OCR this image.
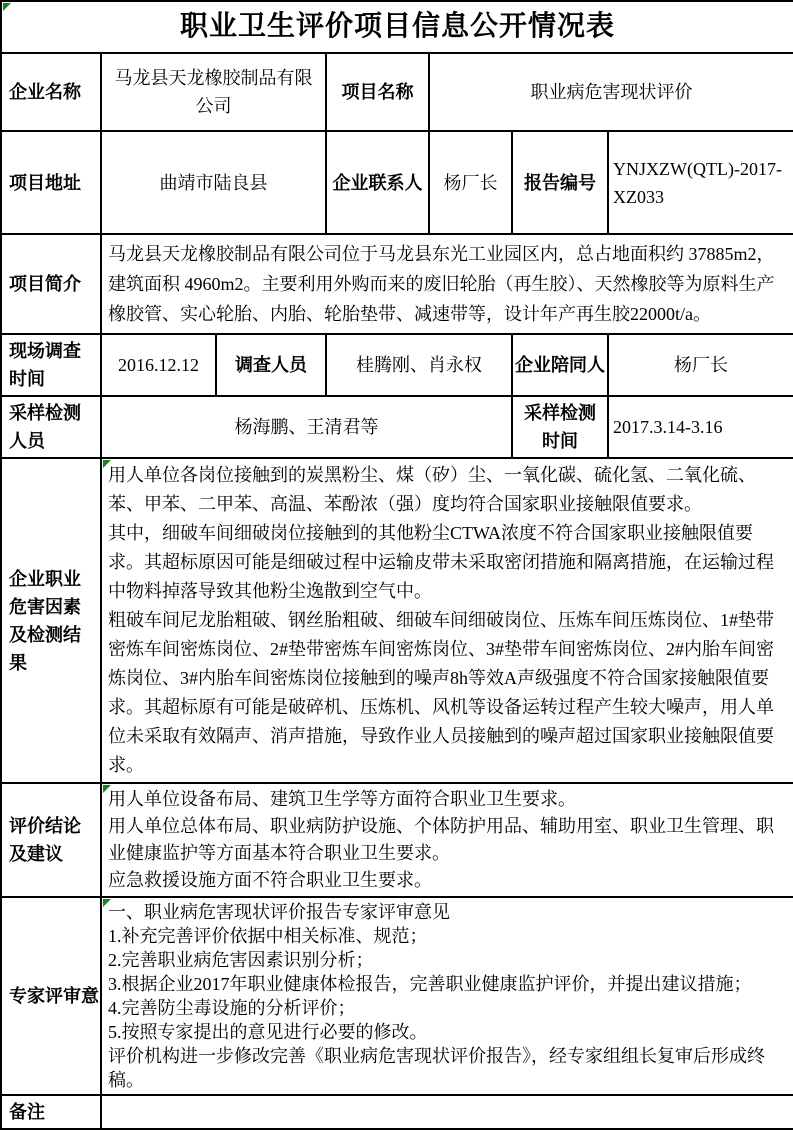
职业卫生评价项目信息公开情况表						
企业名称	马龙县天龙橡胶制品有限公司		项目名称	职业病危害现状评价		
项目地址	曲靖市陆良县		企业联系人	杨厂长	报告编号	YNJXZW(QTL)-2017-XZ033
项目简介	马龙县天龙橡胶制品有限公司位于马龙县东光工业园区内，总占地面积约 37885m2，建筑面积 4960m2。主要利用外购而来的废旧轮胎（再生胶）、天然橡胶等为原料生产橡胶管、实心轮胎、内胎、轮胎垫带、减速带等，设计年产再生胶22000t/a。					
现场调查时间	2016.12.12	调查人员	桂腾刚、肖永权		企业陪同人	杨厂长
采样检测人员	杨海鹏、王清君等				采样检测时间	2017.3.14-3.16
企业职业危害因素及检测结果	用人单位各岗位接触到的炭黑粉尘、煤（矽）尘、一氧化碳、硫化氢、二氧化硫、苯、甲苯、二甲苯、高温、苯酚浓（强）度均符合国家职业接触限值要求。
其中，细破车间细破岗位接触到的其他粉尘CTWA浓度不符合国家职业接触限值要求。其超标原因可能是细破过程中运输皮带未采取密闭措施和隔离措施，在运输过程中物料掉落导致其他粉尘逸散到空气中。
粗破车间尼龙胎粗破、钢丝胎粗破、细破车间细破岗位、压炼车间压炼岗位、1#垫带密炼车间密炼岗位、2#垫带密炼车间密炼岗位、3#垫带车间密炼岗位、2#内胎车间密炼岗位、3#内胎车间密炼岗位接触到的噪声8h等效A声级强度不符合国家接触限值要求。其超标原有可能是破碎机、压炼机、风机等设备运转过程产生较大噪声，用人单位未采取有效隔声、消声措施，导致作业人员接触到的噪声超过国家职业接触限值要求。					

评价结论及建议	用人单位设备布局、建筑卫生学等方面符合职业卫生要求。
用人单位总体布局、职业病防护设施、个体防护用品、辅助用室、职业卫生管理、职业健康监护等方面基本符合职业卫生要求。
应急救援设施方面不符合职业卫生要求。					

专家评审意	
一、职业病危害现状评价报告专家评审意见
1.补充完善评价依据中相关标准、规范；
2.完善职业病危害因素识别分析；
3.根据企业2017年职业健康体检报告，完善职业健康监护评价，并提出建议措施；
4.完善防尘毒设施的分析评价；
5.按照专家提出的意见进行必要的修改。
评价机构进一步修改完善《职业病危害现状评价报告》，经专家组组长复审后形成终稿。

备注						
